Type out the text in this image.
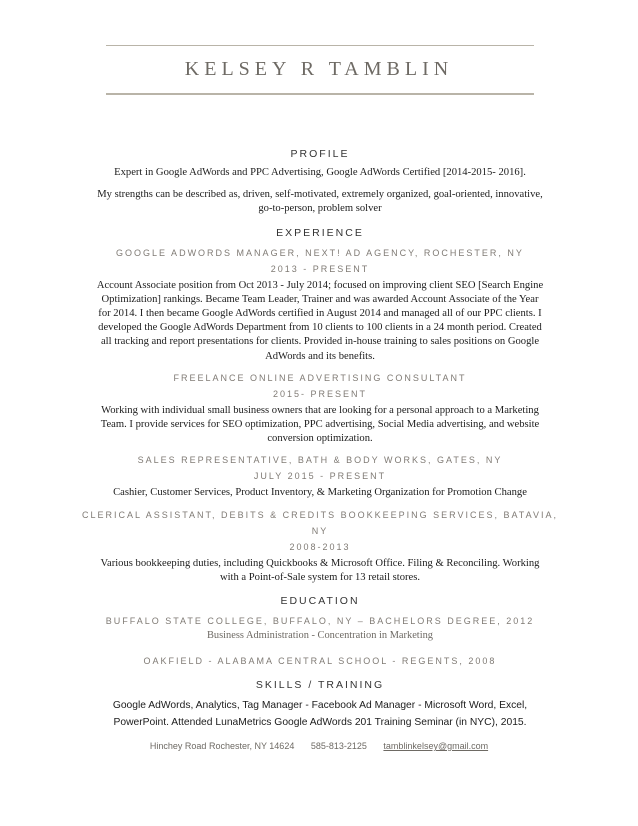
KELSEY R TAMBLIN
PROFILE

Expert in Google AdWords and PPC Advertising, Google AdWords Certified [2014-2015- 2016].

My strengths can be described as, driven, self-motivated, extremely organized, goal-oriented, innovative, go-to-person, problem solver

EXPERIENCE

GOOGLE ADWORDS MANAGER, NEXT! AD AGENCY, ROCHESTER, NY

2013 - PRESENT

Account Associate position from Oct 2013 - July 2014; focused on improving client SEO [Search Engine Optimization] rankings. Became Team Leader, Trainer and was awarded Account Associate of the Year for 2014. I then became Google AdWords certified in August 2014 and managed all of our PPC clients. I developed the Google AdWords Department from 10 clients to 100 clients in a 24 month period. Created all tracking and report presentations for clients. Provided in-house training to sales positions on Google AdWords and its benefits.

FREELANCE ONLINE ADVERTISING CONSULTANT

2015- PRESENT

Working with individual small business owners that are looking for a personal approach to a Marketing Team. I provide services for SEO optimization, PPC advertising, Social Media advertising, and website conversion optimization.

SALES REPRESENTATIVE, BATH & BODY WORKS, GATES, NY

JULY 2015 - PRESENT

Cashier, Customer Services, Product Inventory, & Marketing Organization for Promotion Change

CLERICAL ASSISTANT, DEBITS & CREDITS BOOKKEEPING SERVICES, BATAVIA, NY

2008-2013

Various bookkeeping duties, including Quickbooks & Microsoft Office. Filing & Reconciling. Working with a Point-of-Sale system for 13 retail stores.

EDUCATION

BUFFALO STATE COLLEGE, BUFFALO, NY – BACHELORS DEGREE, 2012

Business Administration - Concentration in Marketing

OAKFIELD - ALABAMA CENTRAL SCHOOL - REGENTS, 2008

SKILLS / TRAINING

Google AdWords, Analytics, Tag Manager - Facebook Ad Manager - Microsoft Word, Excel, PowerPoint. Attended LunaMetrics Google AdWords 201 Training Seminar (in NYC), 2015.

Hinchey Road Rochester, NY 14624 585-813-2125 tamblinkelsey@gmail.com
